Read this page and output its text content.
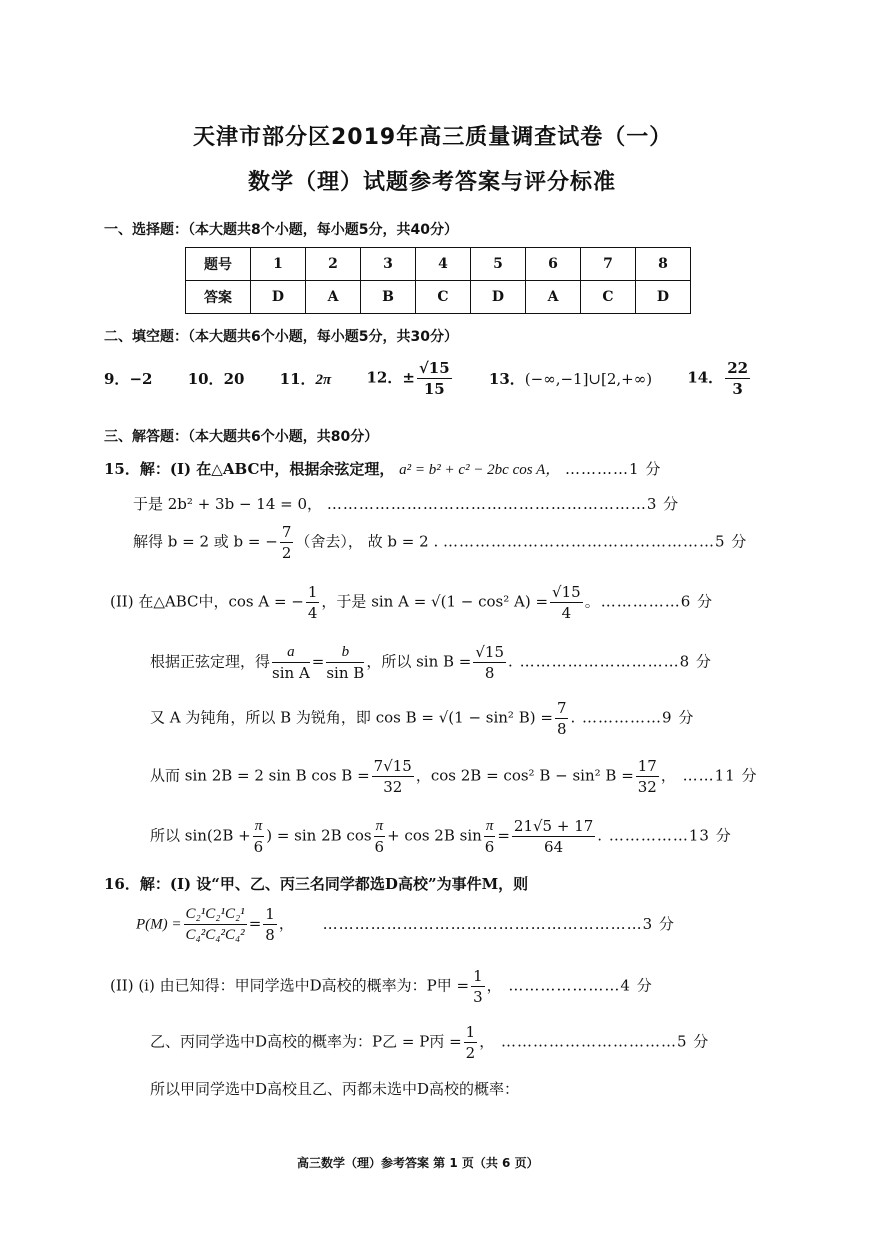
天津市部分区2019年高三质量调查试卷（一）
数学（理）试题参考答案与评分标准
一、选择题：（本大题共8个小题，每小题5分，共40分）
题号	1	2	3	4	5	6	7	8
答案	D	A	B	C	D	A	C	D
二、填空题：（本大题共6个小题，每小题5分，共30分）
9．−2 10．20 11．2π 12．± $\frac{√15}{15} 13$．(−∞,−1]∪[2,+∞) 14． $\frac{22}{3}$
三、解答题：（本大题共6个小题，共80分）
15．解：(I) 在△ABC中，根据余弦定理， a² = b² + c² − 2bc cos A， …………1 分
于是 2b² + 3b − 14 = 0， ……………………………………………………3 分
解得 b = 2 或 b = − $\frac{7}{2}$ （舍去）， 故 b = 2 . ……………………………………………5 分
(II) 在△ABC中，cos A = − $\frac{1}{4}$ ，于是 sin A = √(1 − cos² $A) = \frac{√15}{4}$ 。……………6 分
根据正弦定理，得 $\frac{a}{\text{sin A}} = \frac{b}{\text{sin B}}$ ，所以 $\sin B = \frac{√15}{8}$ . …………………………8 分
又 A 为钝角，所以 B 为锐角，即 cos B = √(1 − sin² $B) = \frac{7}{8}$ . ……………9 分
从而 sin 2B = 2 sin B $\cos B = \frac{7√15}{32}$ ，cos 2B = cos² B − sin² $B = \frac{17}{32}$ ， ……11 分
所以 $\sin(2B + \frac{\pi}{6}$ ) = sin 2B $\cos \frac{\pi}{6} + \cos 2B$ $\sin \frac{\pi}{6} = \frac{21√5 + 17}{64}$ . ……………13 分
16．解：(I) 设“甲、乙、丙三名同学都选D高校”为事件M，则
$P(M) = \frac{\text{C₂¹C₂¹C₂¹}}{\text{C₄²C₄²C₄²}} = \frac{1}{8}$ ， ……………………………………………………3 分
(II) (i) 由已知得：甲同学选中D高校的概率为：P甲 = $\frac{1}{3}$ ， …………………4 分
乙、丙同学选中D高校的概率为：P乙 = P丙 = $\frac{1}{2}$ ， ……………………………5 分
所以甲同学选中D高校且乙、丙都未选中D高校的概率：
高三数学（理）参考答案 第 1 页（共 6 页）
